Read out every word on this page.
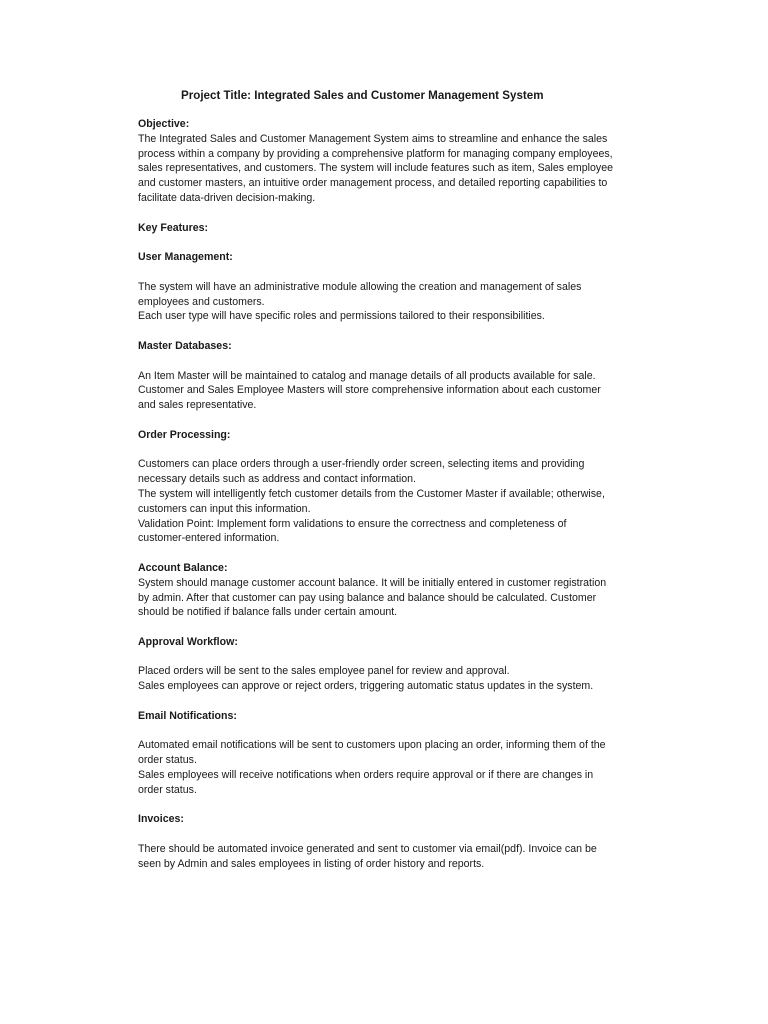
Project Title: Integrated Sales and Customer Management System

Objective:

The Integrated Sales and Customer Management System aims to streamline and enhance the sales

process within a company by providing a comprehensive platform for managing company employees,

sales representatives, and customers. The system will include features such as item, Sales employee

and customer masters, an intuitive order management process, and detailed reporting capabilities to

facilitate data-driven decision-making.

Key Features:

User Management:

The system will have an administrative module allowing the creation and management of sales

employees and customers.

Each user type will have specific roles and permissions tailored to their responsibilities.

Master Databases:

An Item Master will be maintained to catalog and manage details of all products available for sale.

Customer and Sales Employee Masters will store comprehensive information about each customer

and sales representative.

Order Processing:

Customers can place orders through a user-friendly order screen, selecting items and providing

necessary details such as address and contact information.

The system will intelligently fetch customer details from the Customer Master if available; otherwise,

customers can input this information.

Validation Point: Implement form validations to ensure the correctness and completeness of

customer-entered information.

Account Balance:

System should manage customer account balance. It will be initially entered in customer registration

by admin. After that customer can pay using balance and balance should be calculated. Customer

should be notified if balance falls under certain amount.

Approval Workflow:

Placed orders will be sent to the sales employee panel for review and approval.

Sales employees can approve or reject orders, triggering automatic status updates in the system.

Email Notifications:

Automated email notifications will be sent to customers upon placing an order, informing them of the

order status.

Sales employees will receive notifications when orders require approval or if there are changes in

order status.

Invoices:

There should be automated invoice generated and sent to customer via email(pdf). Invoice can be

seen by Admin and sales employees in listing of order history and reports.
